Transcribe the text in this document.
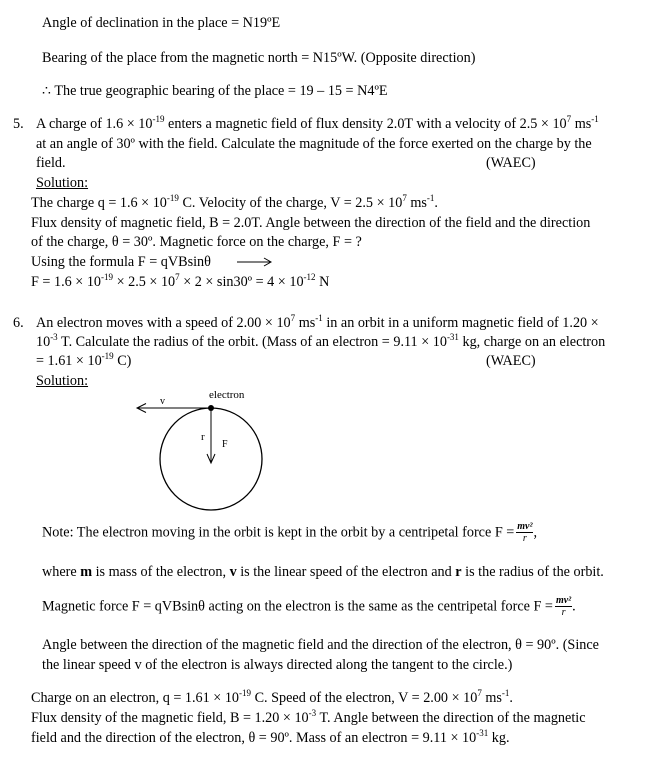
Angle of declination in the place = N19ºE
Bearing of the place from the magnetic north = N15ºW. (Opposite direction)
∴ The true geographic bearing of the place = 19 – 15 = N4ºE
5. A charge of $1.6 \times 10^{-19}$ enters a magnetic field of flux density 2.0T with a velocity of $2.5 \times 10^7$ $ms^{-1}$
at an angle of 30º with the field. Calculate the magnitude of the force exerted on the charge by the
field.	(WAEC)
Solution:
The charge $q = 1.6 \times 10^{-19}$ C. Velocity of the charge, $V = 2.5 \times 10^7$ $ms^{-1}$.
Flux density of magnetic field, B = 2.0T. Angle between the direction of the field and the direction
of the charge, θ = 30º. Magnetic force on the charge, F = ?
Using the formula F = qVBsinθ
$F = 1.6 \times 10^{-19} \times 2.5 \times 10^7 \times 2$ × sin30º = $4 \times 10^{-12}$ N
6. An electron moves with a speed of $2.00 \times 10^7$ $ms^{-1}$ in an orbit in a uniform magnetic field of 1.20 ×
$10^{-3}$ T. Calculate the radius of the orbit. (Mass of an electron = $9.11 \times 10^{-31}$ kg, charge on an electron
= $1.61 \times 10^{-19}$ C)	(WAEC)
Solution:
electron
v
r
F
Note: The electron moving in the orbit is kept in the orbit by a centripetal force $F = \frac{\text{mv²}}{r}$ ,
where m is mass of the electron, v is the linear speed of the electron and r is the radius of the orbit.
Magnetic force F = qVBsinθ acting on the electron is the same as the centripetal force $F = \frac{\text{mv²}}{r}$ .
Angle between the direction of the magnetic field and the direction of the electron, θ = 90º. (Since
the linear speed v of the electron is always directed along the tangent to the circle.)
Charge on an electron, $q = 1.61 \times 10^{-19}$ C. Speed of the electron, $V = 2.00 \times 10^7$ $ms^{-1}$.
Flux density of the magnetic field, $B = 1.20 \times 10^{-3}$ T. Angle between the direction of the magnetic
field and the direction of the electron, θ = 90º. Mass of an electron = $9.11 \times 10^{-31}$ kg.
